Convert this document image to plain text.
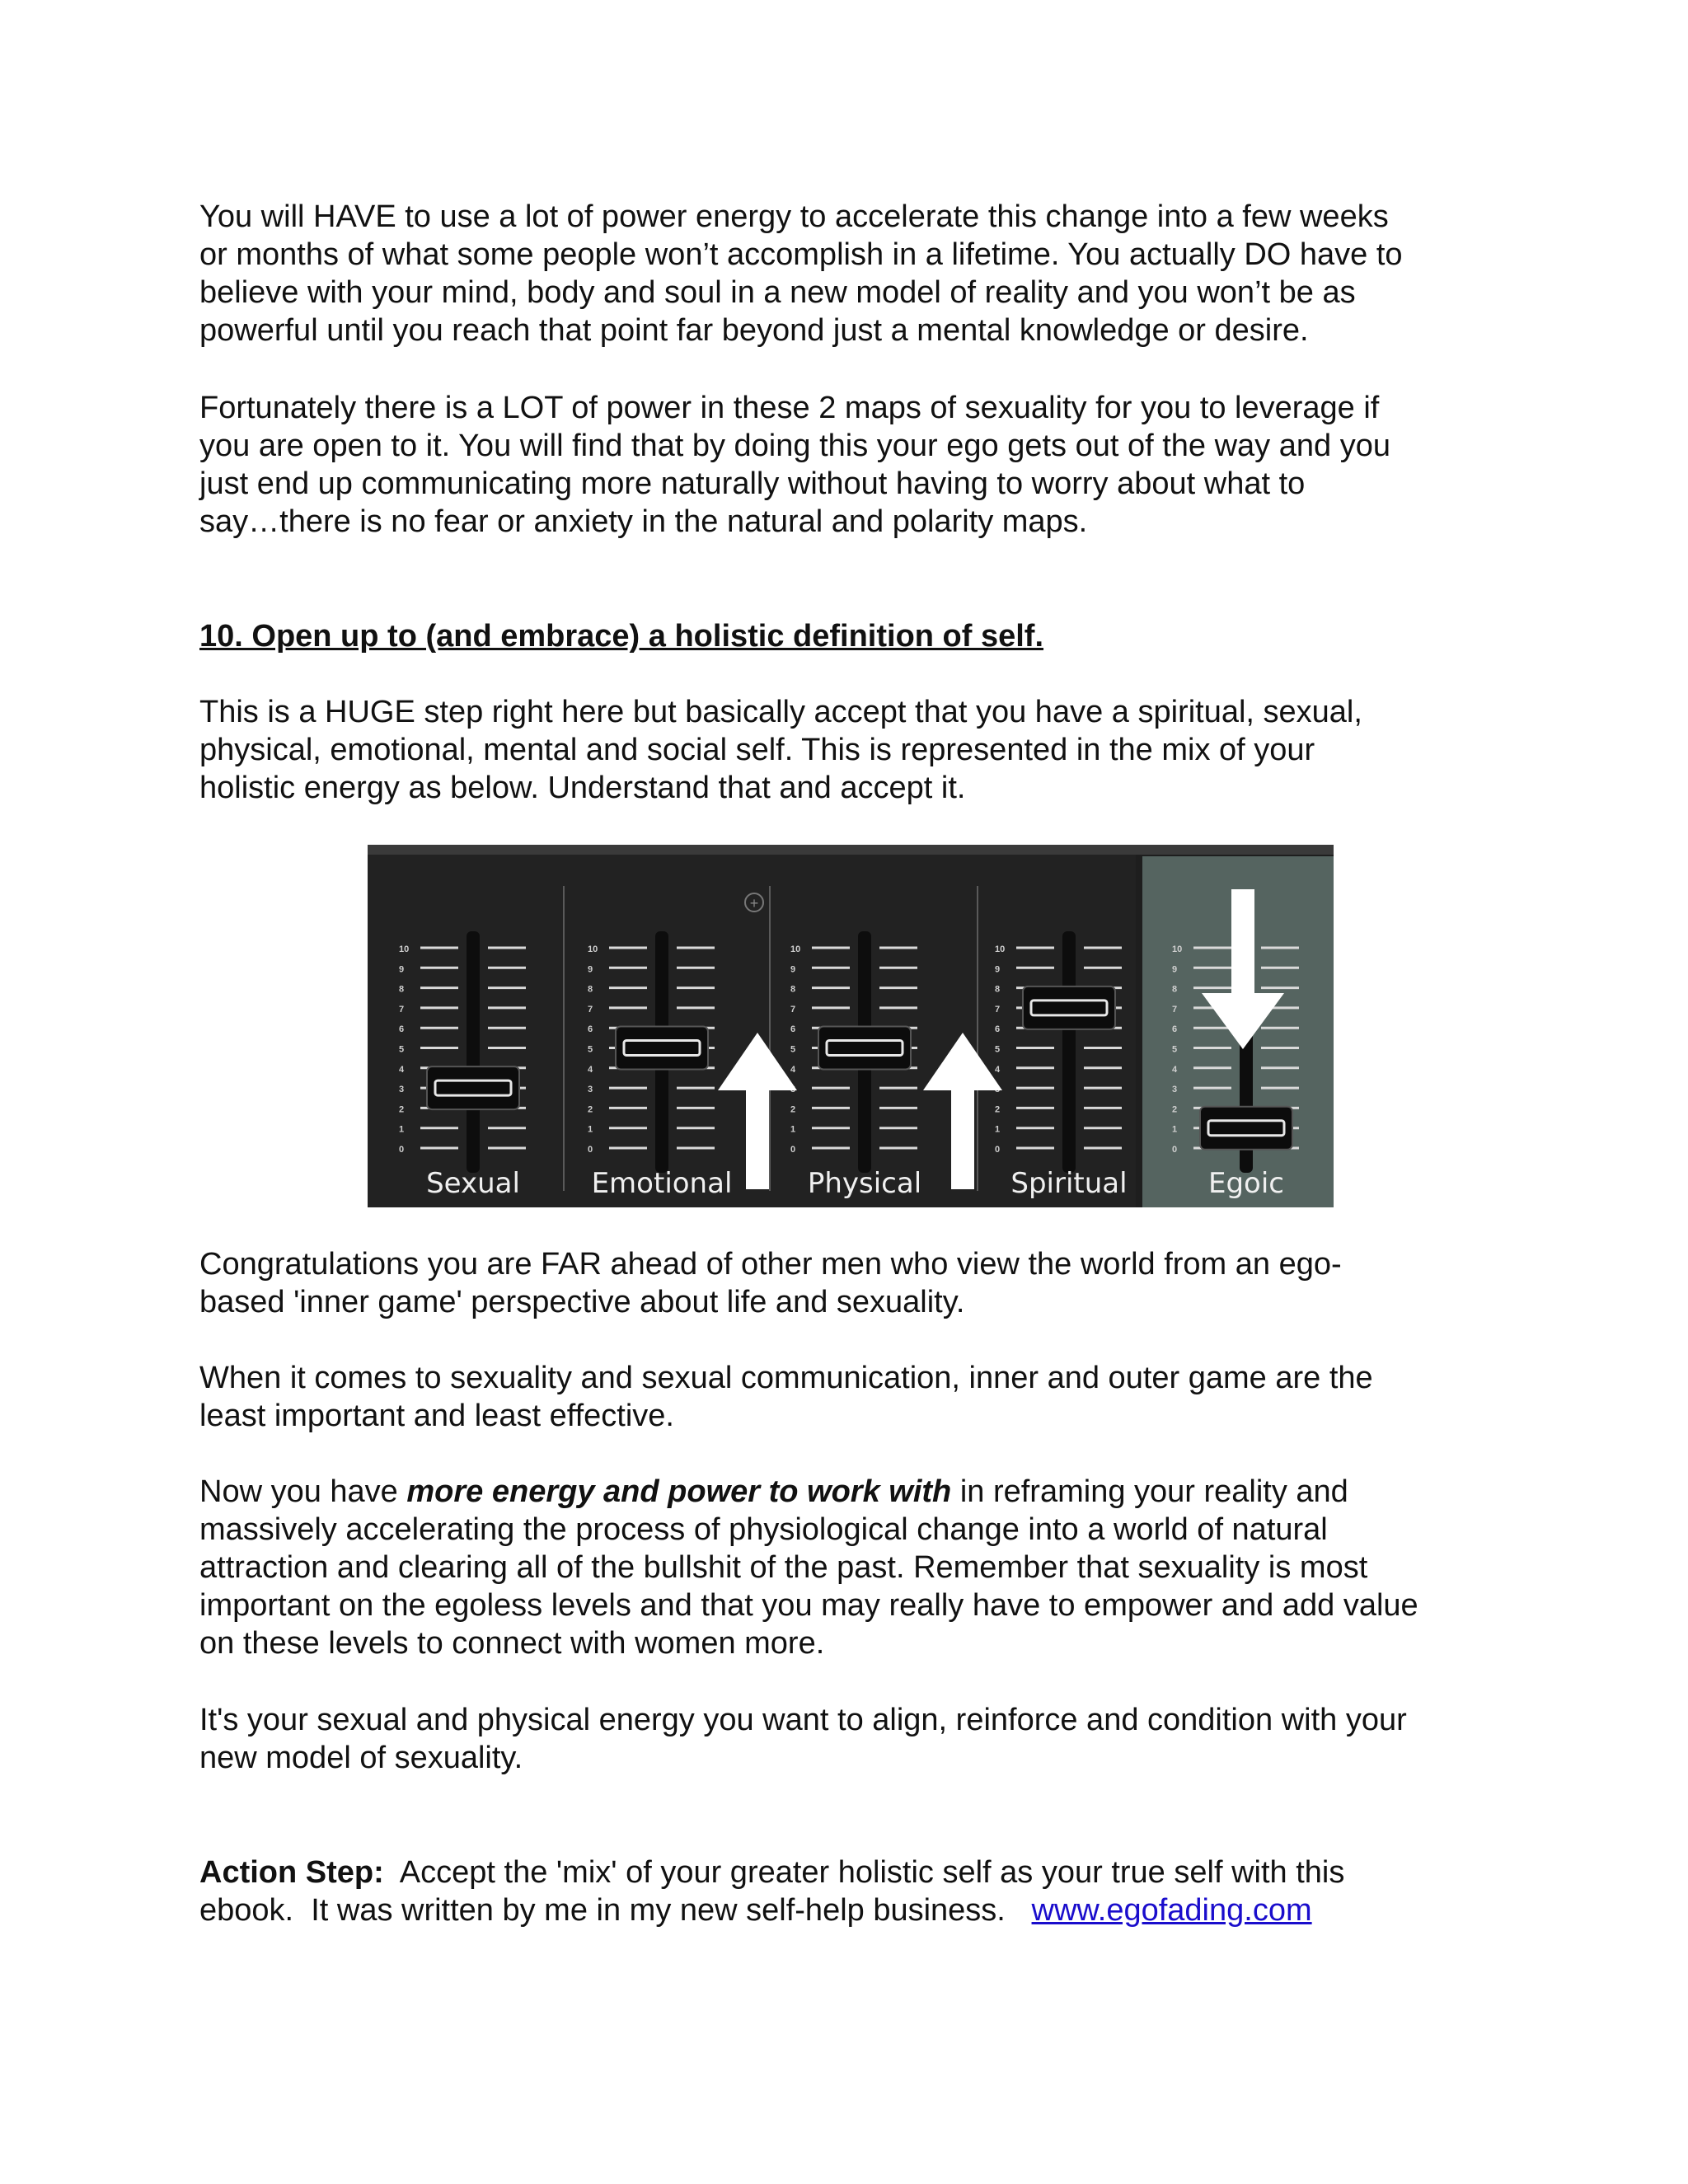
You will HAVE to use a lot of power energy to accelerate this change into a few weeks
or months of what some people won’t accomplish in a lifetime. You actually DO have to
believe with your mind, body and soul in a new model of reality and you won’t be as
powerful until you reach that point far beyond just a mental knowledge or desire.
Fortunately there is a LOT of power in these 2 maps of sexuality for you to leverage if
you are open to it. You will find that by doing this your ego gets out of the way and you
just end up communicating more naturally without having to worry about what to
say…there is no fear or anxiety in the natural and polarity maps.
10. Open up to (and embrace) a holistic definition of self.
This is a HUGE step right here but basically accept that you have a spiritual, sexual,
physical, emotional, mental and social self. This is represented in the mix of your
holistic energy as below. Understand that and accept it.
+
10
9
8
7
6
5
4
3
2
1
0
Sexual
10
9
8
7
6
5
4
3
2
1
0
Emotional
10
9
8
7
6
5
4
2
1
0
Physical
10
9
8
7
6
5
4
2
1
0
Spiritual
10
9
8
7
6
5
4
3
2
1
0
Egoic
Congratulations you are FAR ahead of other men who view the world from an ego-
based 'inner game' perspective about life and sexuality.
When it comes to sexuality and sexual communication, inner and outer game are the
least important and least effective.
Now you have more energy and power to work with in reframing your reality and
massively accelerating the process of physiological change into a world of natural
attraction and clearing all of the bullshit of the past. Remember that sexuality is most
important on the egoless levels and that you may really have to empower and add value
on these levels to connect with women more.
It's your sexual and physical energy you want to align, reinforce and condition with your
new model of sexuality.
Action Step:  Accept the 'mix' of your greater holistic self as your true self with this
ebook.  It was written by me in my new self-help business.   www.egofading.com
